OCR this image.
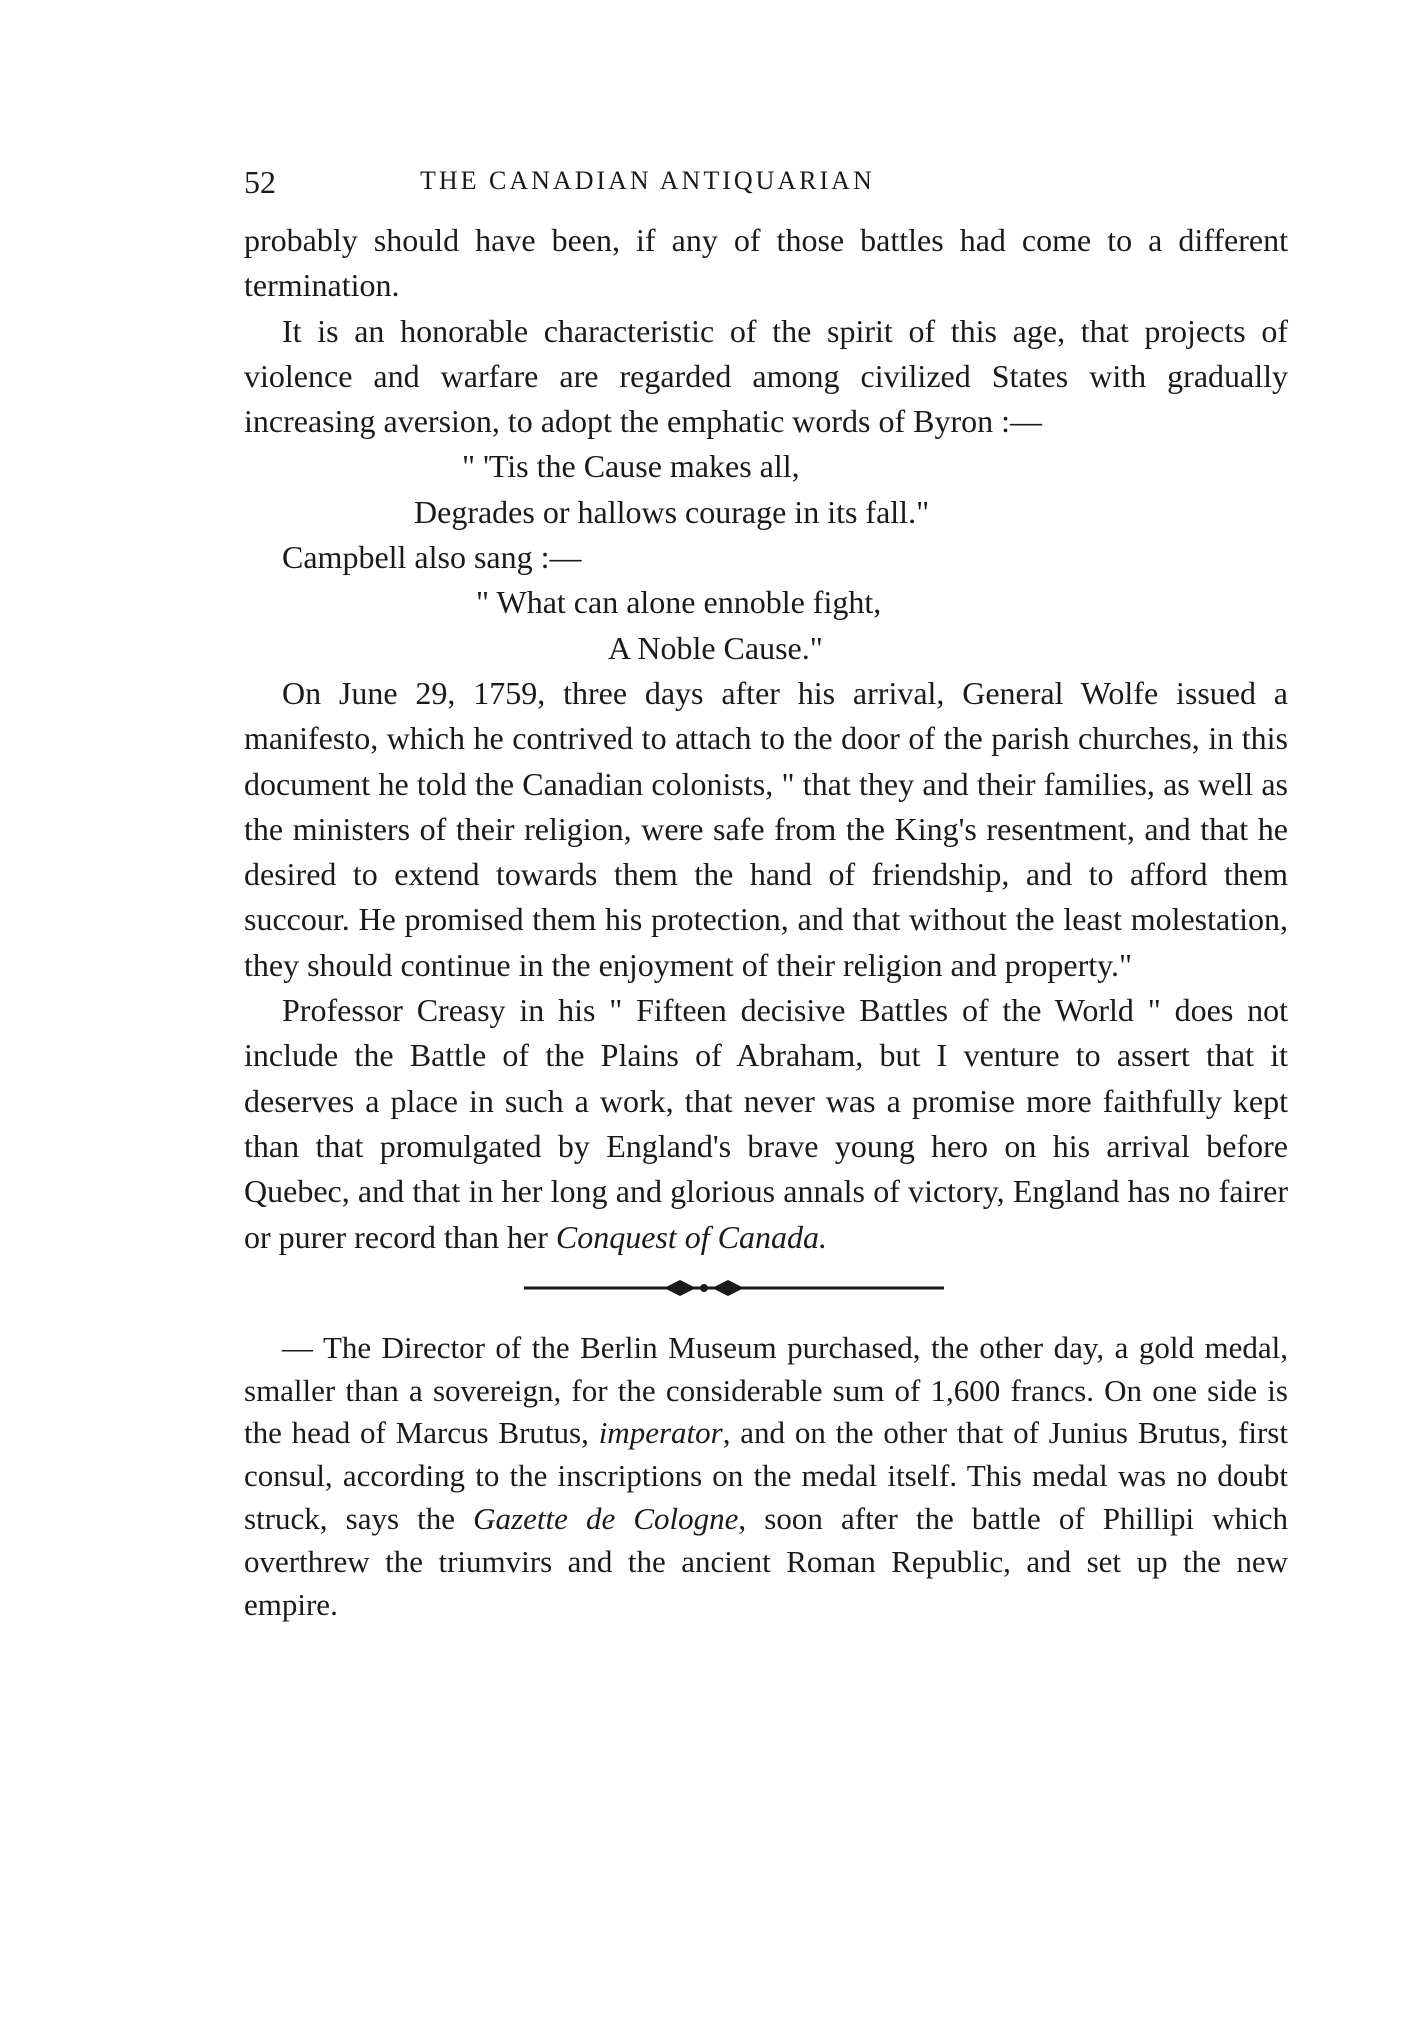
52	THE CANADIAN ANTIQUARIAN

probably should have been, if any of those battles had come to a different termination.

It is an honorable characteristic of the spirit of this age, that projects of violence and warfare are regarded among civilized States with gradually increasing aversion, to adopt the emphatic words of Byron :—

" 'Tis the Cause makes all,

Degrades or hallows courage in its fall."

Campbell also sang :—

" What can alone ennoble fight,

A Noble Cause."

On June 29, 1759, three days after his arrival, General Wolfe issued a manifesto, which he contrived to attach to the door of the parish churches, in this document he told the Canadian colonists, " that they and their families, as well as the ministers of their religion, were safe from the King's resentment, and that he desired to extend towards them the hand of friendship, and to afford them succour. He promised them his protection, and that without the least molestation, they should continue in the enjoyment of their religion and property."

Professor Creasy in his " Fifteen decisive Battles of the World " does not include the Battle of the Plains of Abraham, but I venture to assert that it deserves a place in such a work, that never was a promise more faithfully kept than that promulgated by England's brave young hero on his arrival before Quebec, and that in her long and glorious annals of victory, England has no fairer or purer record than her Conquest of Canada.

— The Director of the Berlin Museum purchased, the other day, a gold medal, smaller than a sovereign, for the considerable sum of 1,600 francs. On one side is the head of Marcus Brutus, imperator, and on the other that of Junius Brutus, first consul, according to the inscriptions on the medal itself. This medal was no doubt struck, says the Gazette de Cologne, soon after the battle of Phillipi which overthrew the triumvirs and the ancient Roman Republic, and set up the new empire.
